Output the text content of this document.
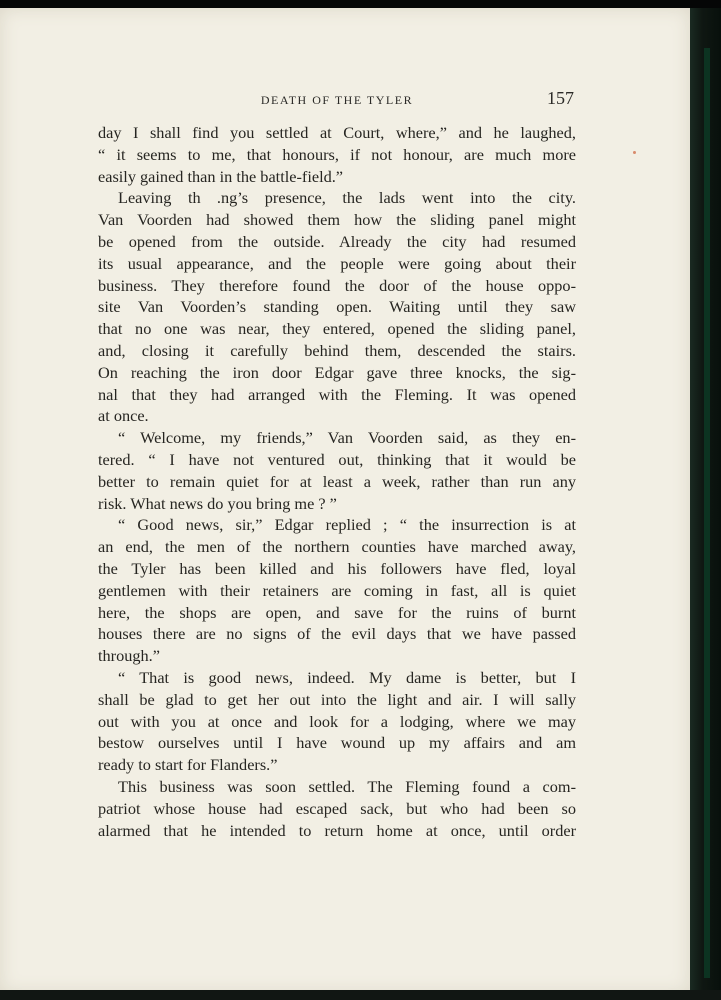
DEATH OF THE TYLER	157
day I shall find you settled at Court, where,” and he laughed,
“ it seems to me, that honours, if not honour, are much more
easily gained than in the battle-field.”
Leaving th .ng’s presence, the lads went into the city.
Van Voorden had showed them how the sliding panel might
be opened from the outside. Already the city had resumed
its usual appearance, and the people were going about their
business. They therefore found the door of the house oppo-
site Van Voorden’s standing open. Waiting until they saw
that no one was near, they entered, opened the sliding panel,
and, closing it carefully behind them, descended the stairs.
On reaching the iron door Edgar gave three knocks, the sig-
nal that they had arranged with the Fleming. It was opened
at once.
“ Welcome, my friends,” Van Voorden said, as they en-
tered. “ I have not ventured out, thinking that it would be
better to remain quiet for at least a week, rather than run any
risk. What news do you bring me ? ”
“ Good news, sir,” Edgar replied ; “ the insurrection is at
an end, the men of the northern counties have marched away,
the Tyler has been killed and his followers have fled, loyal
gentlemen with their retainers are coming in fast, all is quiet
here, the shops are open, and save for the ruins of burnt
houses there are no signs of the evil days that we have passed
through.”
“ That is good news, indeed. My dame is better, but I
shall be glad to get her out into the light and air. I will sally
out with you at once and look for a lodging, where we may
bestow ourselves until I have wound up my affairs and am
ready to start for Flanders.”
This business was soon settled. The Fleming found a com-
patriot whose house had escaped sack, but who had been so
alarmed that he intended to return home at once, until order
